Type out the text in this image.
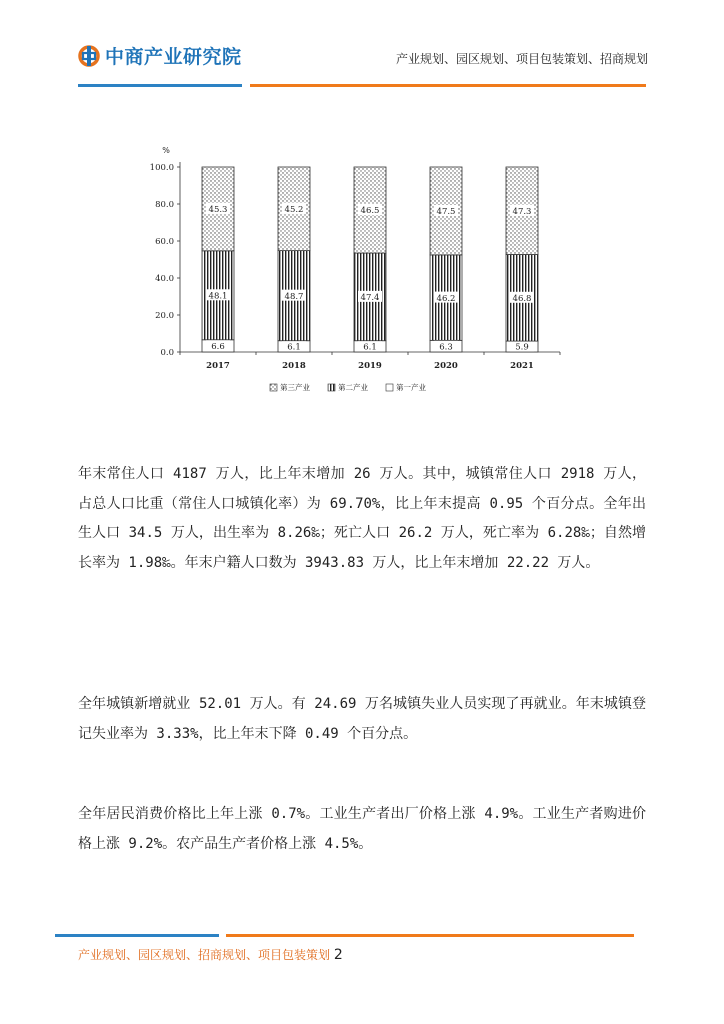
中商产业研究院	产业规划、园区规划、项目包装策划、招商规划
0.0
20.0
40.0
60.0
80.0
100.0
%
6.6
48.1
45.3
2017
6.1
48.7
45.2
2018
6.1
47.4
46.5
2019
6.3
46.2
47.5
2020
5.9
46.8
47.3
2021
第三产业	第二产业	第一产业

年末常住人口 4187 万人，比上年末增加 26 万人。其中，城镇常住人口 2918 万人，占总人口比重（常住人口城镇化率）为 69.70%，比上年末提高 0.95 个百分点。全年出生人口 34.5 万人，出生率为 8.26‰；死亡人口 26.2 万人，死亡率为 6.28‰；自然增长率为 1.98‰。年末户籍人口数为 3943.83 万人，比上年末增加 22.22 万人。

全年城镇新增就业 52.01 万人。有 24.69 万名城镇失业人员实现了再就业。年末城镇登记失业率为 3.33%，比上年末下降 0.49 个百分点。

全年居民消费价格比上年上涨 0.7%。工业生产者出厂价格上涨 4.9%。工业生产者购进价格上涨 9.2%。农产品生产者价格上涨 4.5%。

产业规划、园区规划、招商规划、项目包装策划 2
